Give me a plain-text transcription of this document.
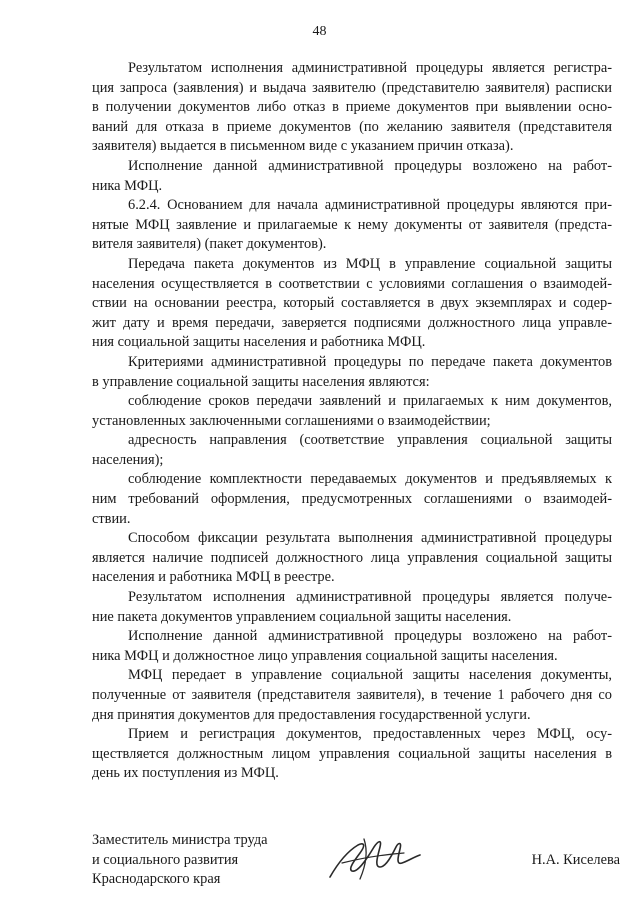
48
Результатом исполнения административной процедуры является регистра-
ция запроса (заявления) и выдача заявителю (представителю заявителя) расписки
в получении документов либо отказ в приеме документов при выявлении осно-
ваний для отказа в приеме документов (по желанию заявителя (представителя
заявителя) выдается в письменном виде с указанием причин отказа).
Исполнение данной административной процедуры возложено на работ-
ника МФЦ.
6.2.4. Основанием для начала административной процедуры являются при-
нятые МФЦ заявление и прилагаемые к нему документы от заявителя (предста-
вителя заявителя) (пакет документов).
Передача пакета документов из МФЦ в управление социальной защиты
населения осуществляется в соответствии с условиями соглашения о взаимодей-
ствии на основании реестра, который составляется в двух экземплярах и содер-
жит дату и время передачи, заверяется подписями должностного лица управле-
ния социальной защиты населения и работника МФЦ.
Критериями административной процедуры по передаче пакета документов
в управление социальной защиты населения являются:
соблюдение сроков передачи заявлений и прилагаемых к ним документов,
установленных заключенными соглашениями о взаимодействии;
адресность направления (соответствие управления социальной защиты
населения);
соблюдение комплектности передаваемых документов и предъявляемых к
ним требований оформления, предусмотренных соглашениями о взаимодей-
ствии.
Способом фиксации результата выполнения административной процедуры
является наличие подписей должностного лица управления социальной защиты
населения и работника МФЦ в реестре.
Результатом исполнения административной процедуры является получе-
ние пакета документов управлением социальной защиты населения.
Исполнение данной административной процедуры возложено на работ-
ника МФЦ и должностное лицо управления социальной защиты населения.
МФЦ передает в управление социальной защиты населения документы,
полученные от заявителя (представителя заявителя), в течение 1 рабочего дня со
дня принятия документов для предоставления государственной услуги.
Прием и регистрация документов, предоставленных через МФЦ, осу-
ществляется должностным лицом управления социальной защиты населения в
день их поступления из МФЦ.
Заместитель министра труда
и социального развития
Краснодарского края
Н.А. Киселева
